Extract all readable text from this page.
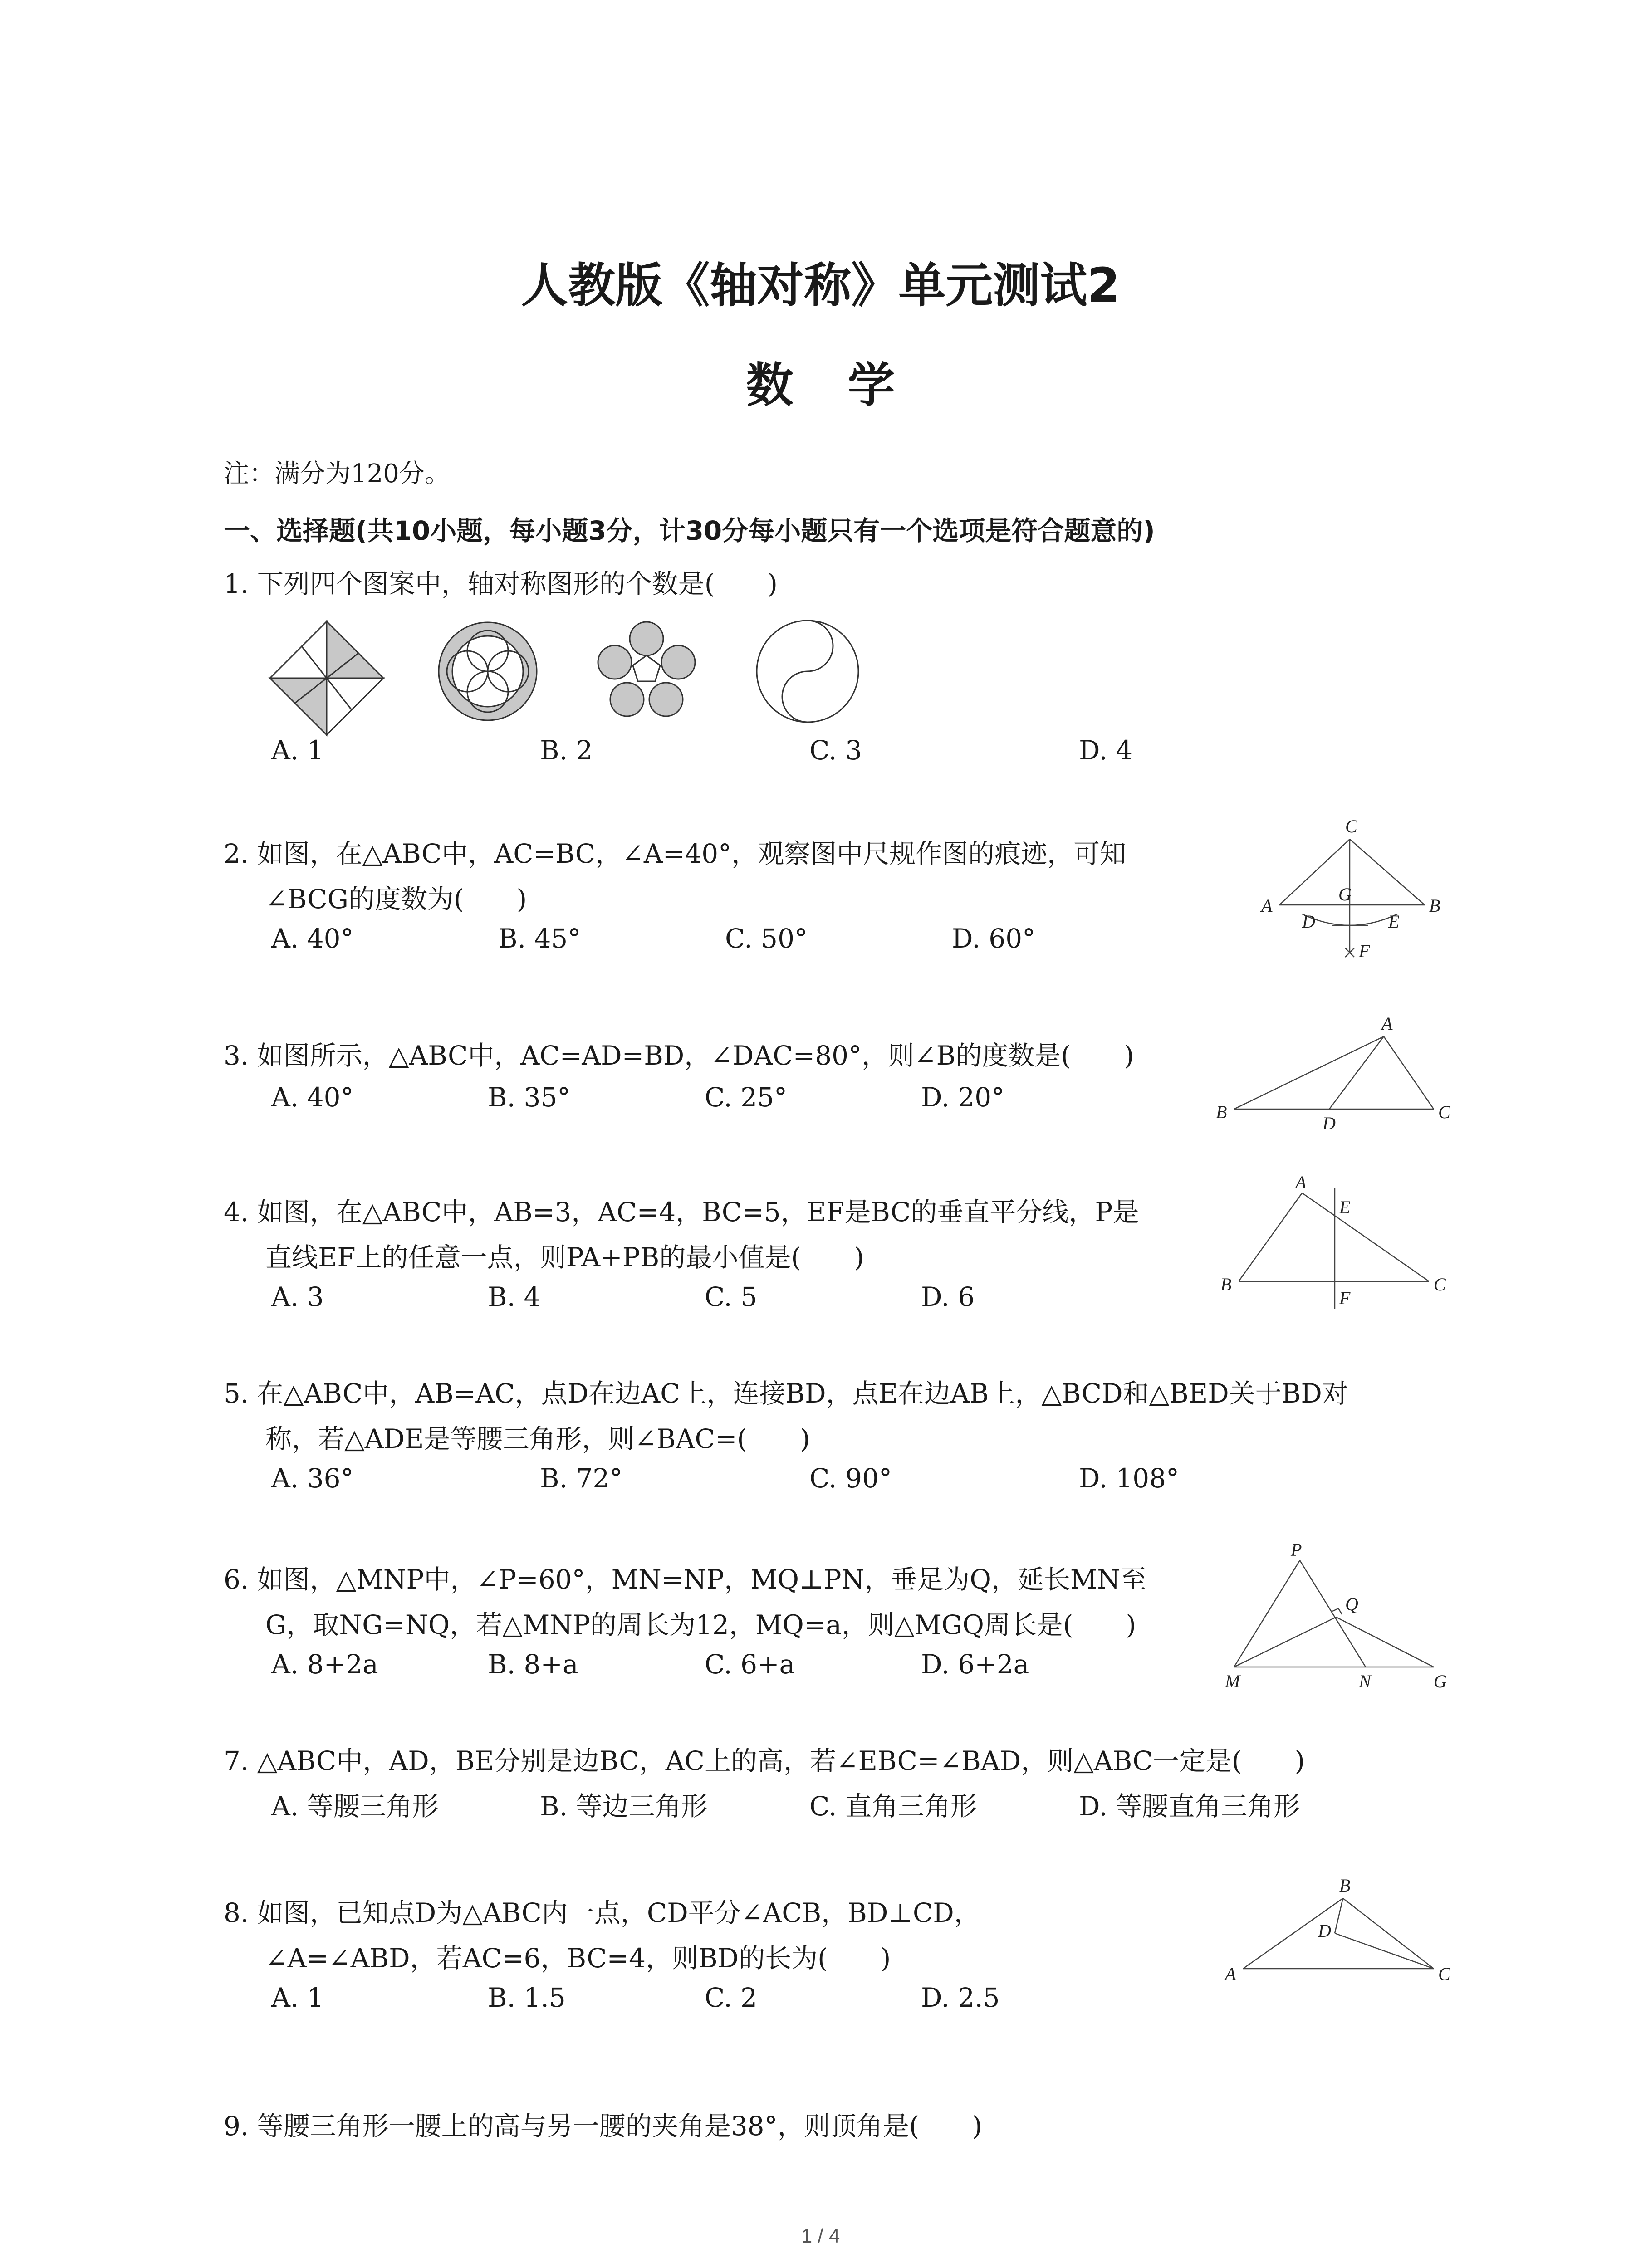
人教版《轴对称》单元测试2
数学
注：满分为120分。
一、选择题(共10小题，每小题3分，计30分每小题只有一个选项是符合题意的)
1. 下列四个图案中，轴对称图形的个数是(　　)
A. 1	B. 2	C. 3	D. 4
2. 如图，在△ABC中，AC=BC，∠A=40°，观察图中尺规作图的痕迹，可知
∠BCG的度数为(　　)
A. 40°	B. 45°	C. 50°	D. 60°
C
G
A
D	E
B
F
3. 如图所示，△ABC中，AC=AD=BD，∠DAC=80°，则∠B的度数是(　　)
A. 40°	B. 35°	C. 25°	D. 20°
A
B
D
C
4. 如图，在△ABC中，AB=3，AC=4，BC=5，EF是BC的垂直平分线，P是
直线EF上的任意一点，则PA+PB的最小值是(　　)
A. 3	B. 4	C. 5	D. 6
A
E
B
F
C
5. 在△ABC中，AB=AC，点D在边AC上，连接BD，点E在边AB上，△BCD和△BED关于BD对
称，若△ADE是等腰三角形，则∠BAC=(　　)
A. 36°	B. 72°	C. 90°	D. 108°
6. 如图，△MNP中，∠P=60°，MN=NP，MQ⊥PN，垂足为Q，延长MN至
G，取NG=NQ，若△MNP的周长为12，MQ=a，则△MGQ周长是(　　)
A. 8+2a	B. 8+a	C. 6+a	D. 6+2a
P
Q
M	N	G
7. △ABC中，AD，BE分别是边BC，AC上的高，若∠EBC=∠BAD，则△ABC一定是(　　)
A. 等腰三角形	B. 等边三角形	C. 直角三角形	D. 等腰直角三角形
8. 如图，已知点D为△ABC内一点，CD平分∠ACB，BD⊥CD，
∠A=∠ABD，若AC=6，BC=4，则BD的长为(　　)
A. 1	B. 1.5	C. 2	D. 2.5
B
D
A	C
9. 等腰三角形一腰上的高与另一腰的夹角是38°，则顶角是(　　)
1 / 4
